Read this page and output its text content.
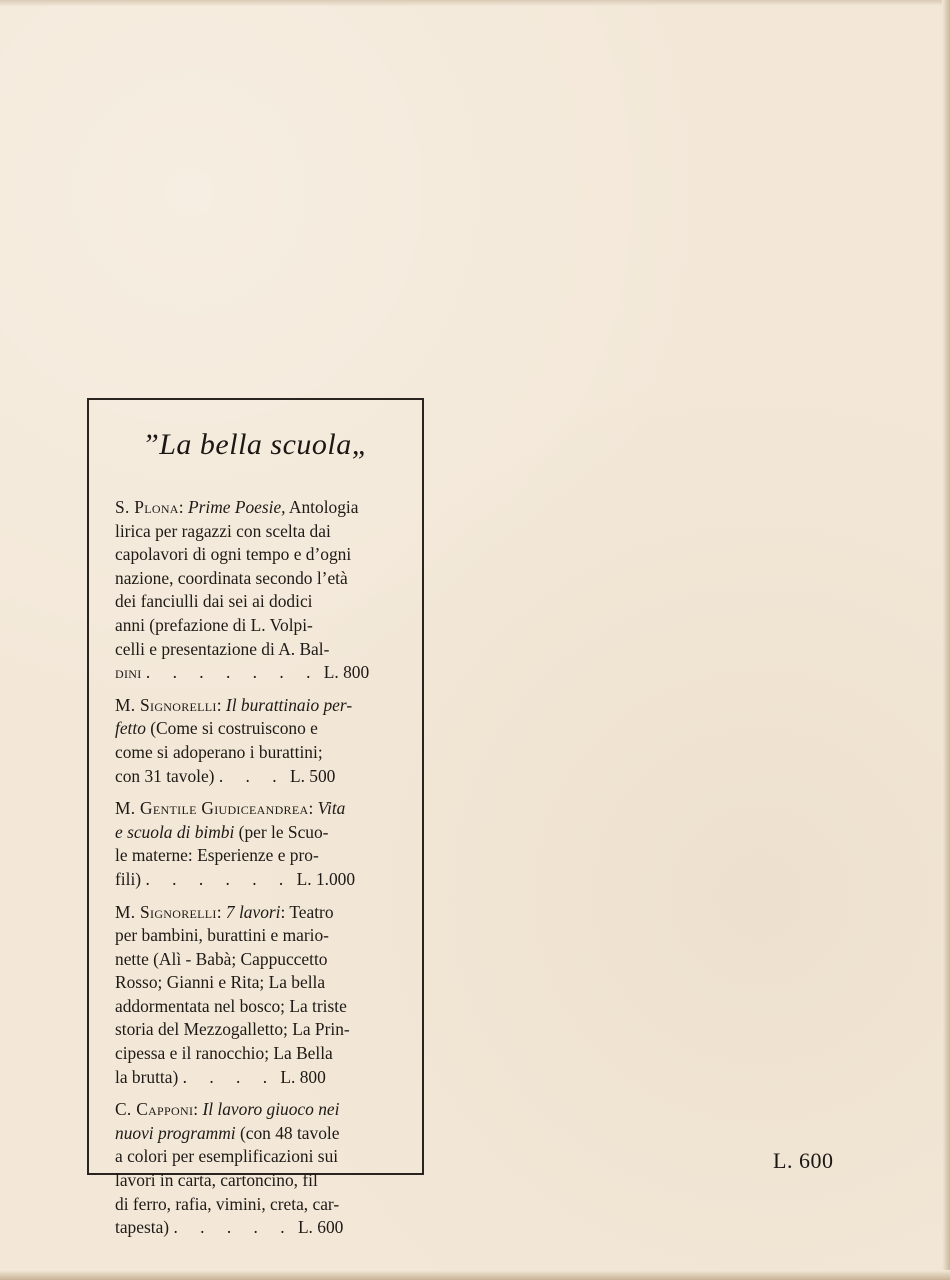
”La bella scuola„
S. Plona: Prime Poesie, Antologia
lirica per ragazzi con scelta dai
capolavori di ogni tempo e d’ogni
nazione, coordinata secondo l’età
dei fanciulli dai sei ai dodici
anni (prefazione di L. Volpi-
celli e presentazione di A. Bal-
dini . . . . . . . L. 800
M. Signorelli: Il burattinaio per-
fetto (Come si costruiscono e
come si adoperano i burattini;
con 31 tavole) . . . L. 500
M. Gentile Giudiceandrea: Vita
e scuola di bimbi (per le Scuo-
le materne: Esperienze e pro-
fili) . . . . . . L. 1.000
M. Signorelli: 7 lavori: Teatro
per bambini, burattini e mario-
nette (Alì - Babà; Cappuccetto
Rosso; Gianni e Rita; La bella
addormentata nel bosco; La triste
storia del Mezzogalletto; La Prin-
cipessa e il ranocchio; La Bella
la brutta) . . . . L. 800
C. Capponi: Il lavoro giuoco nei
nuovi programmi (con 48 tavole
a colori per esemplificazioni sui
lavori in carta, cartoncino, fil
di ferro, rafia, vimini, creta, car-
tapesta) . . . . . L. 600
L. 600
